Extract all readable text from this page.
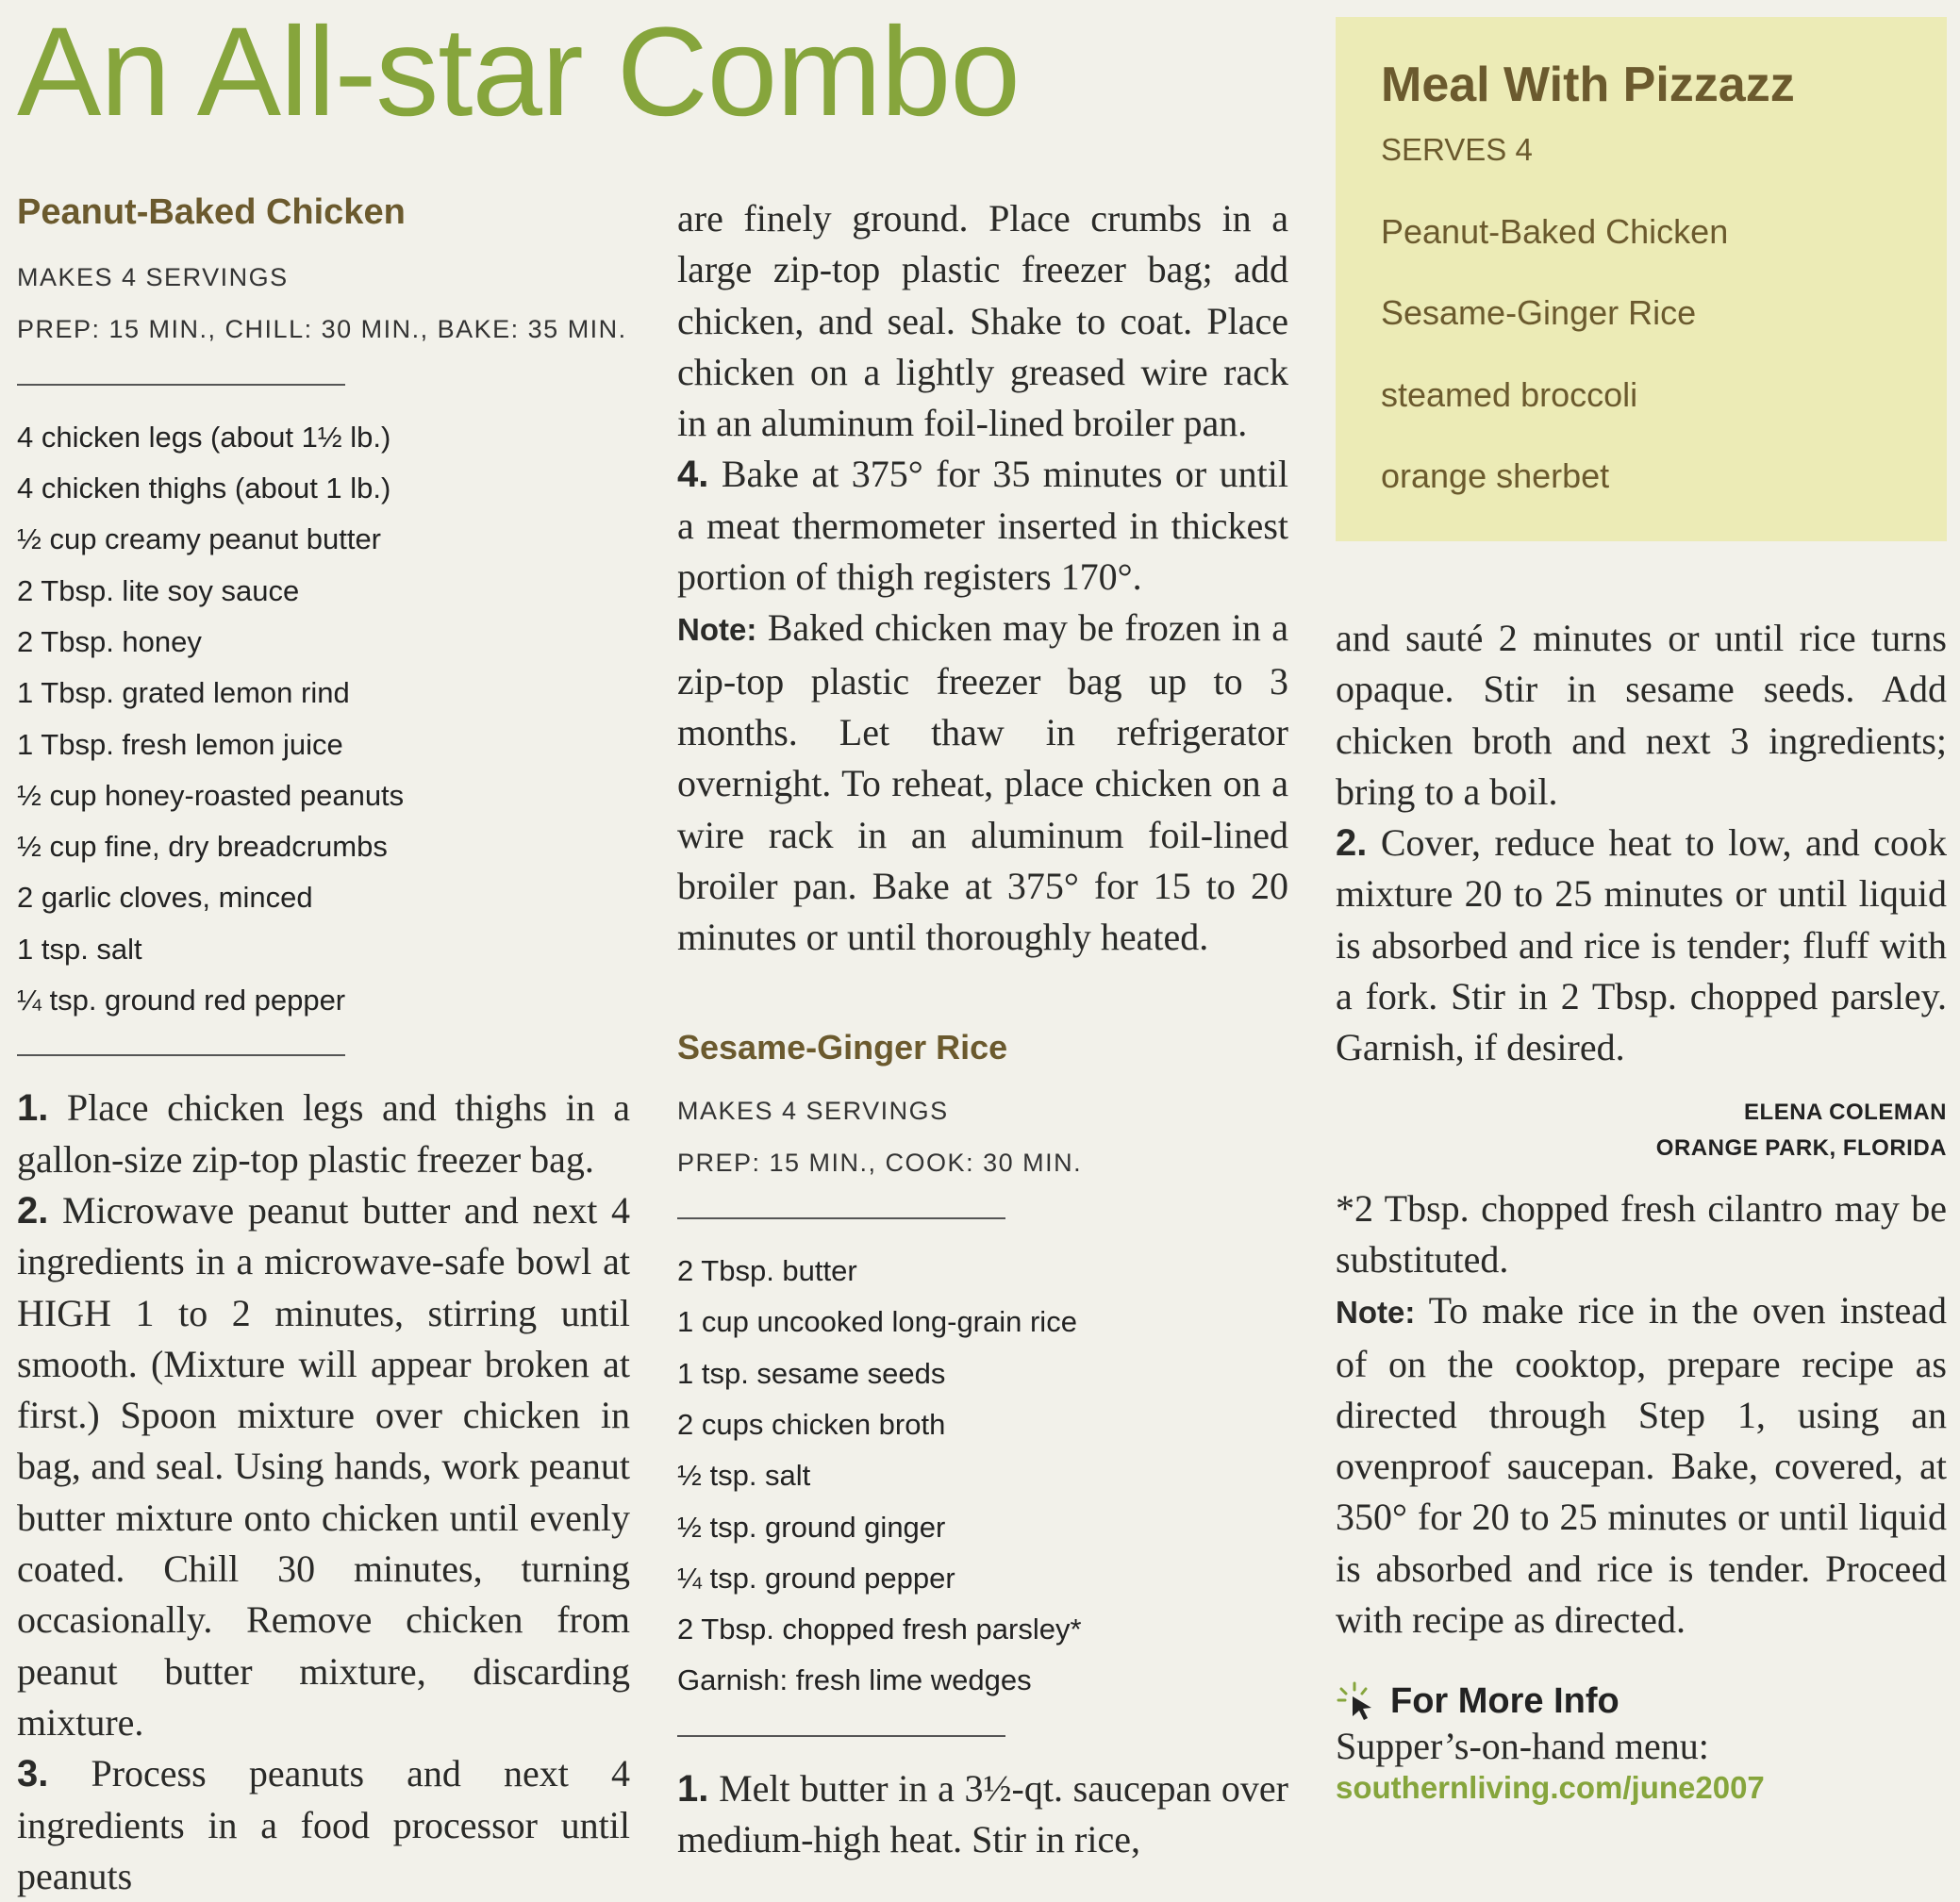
An All-star Combo
Peanut-Baked Chicken
MAKES 4 SERVINGS
PREP: 15 MIN., CHILL: 30 MIN., BAKE: 35 MIN.
4 chicken legs (about 1½ lb.)
4 chicken thighs (about 1 lb.)
½ cup creamy peanut butter
2 Tbsp. lite soy sauce
2 Tbsp. honey
1 Tbsp. grated lemon rind
1 Tbsp. fresh lemon juice
½ cup honey-roasted peanuts
½ cup fine, dry breadcrumbs
2 garlic cloves, minced
1 tsp. salt
¼ tsp. ground red pepper

1. Place chicken legs and thighs in a gallon-size zip-top plastic freezer bag.

2. Microwave peanut butter and next 4 ingredients in a microwave-safe bowl at HIGH 1 to 2 minutes, stirring until smooth. (Mixture will appear broken at first.) Spoon mixture over chicken in bag, and seal. Using hands, work peanut butter mixture onto chicken until evenly coated. Chill 30 minutes, turning occasionally. Remove chicken from peanut butter mixture, discarding mixture.

3. Process peanuts and next 4 ingredients in a food processor until peanuts

are finely ground. Place crumbs in a large zip-top plastic freezer bag; add chicken, and seal. Shake to coat. Place chicken on a lightly greased wire rack in an aluminum foil-lined broiler pan.

4. Bake at 375° for 35 minutes or until a meat thermometer inserted in thickest portion of thigh registers 170°.

Note: Baked chicken may be frozen in a zip-top plastic freezer bag up to 3 months. Let thaw in refrigerator overnight. To reheat, place chicken on a wire rack in an aluminum foil-lined broiler pan. Bake at 375° for 15 to 20 minutes or until thoroughly heated.

Sesame-Ginger Rice
MAKES 4 SERVINGS
PREP: 15 MIN., COOK: 30 MIN.
2 Tbsp. butter
1 cup uncooked long-grain rice
1 tsp. sesame seeds
2 cups chicken broth
½ tsp. salt
½ tsp. ground ginger
¼ tsp. ground pepper
2 Tbsp. chopped fresh parsley*
Garnish: fresh lime wedges

1. Melt butter in a 3½-qt. saucepan over medium-high heat. Stir in rice,

Meal With Pizzazz
SERVES 4
Peanut-Baked Chicken
Sesame-Ginger Rice
steamed broccoli
orange sherbet

and sauté 2 minutes or until rice turns opaque. Stir in sesame seeds. Add chicken broth and next 3 ingredients; bring to a boil.

2. Cover, reduce heat to low, and cook mixture 20 to 25 minutes or until liquid is absorbed and rice is tender; fluff with a fork. Stir in 2 Tbsp. chopped parsley. Garnish, if desired.

ELENA COLEMAN
ORANGE PARK, FLORIDA

*2 Tbsp. chopped fresh cilantro may be substituted.

Note: To make rice in the oven instead of on the cooktop, prepare recipe as directed through Step 1, using an ovenproof saucepan. Bake, covered, at 350° for 20 to 25 minutes or until liquid is absorbed and rice is tender. Proceed with recipe as directed.

For More Info

Supper’s-on-hand menu:

southernliving.com/june2007
